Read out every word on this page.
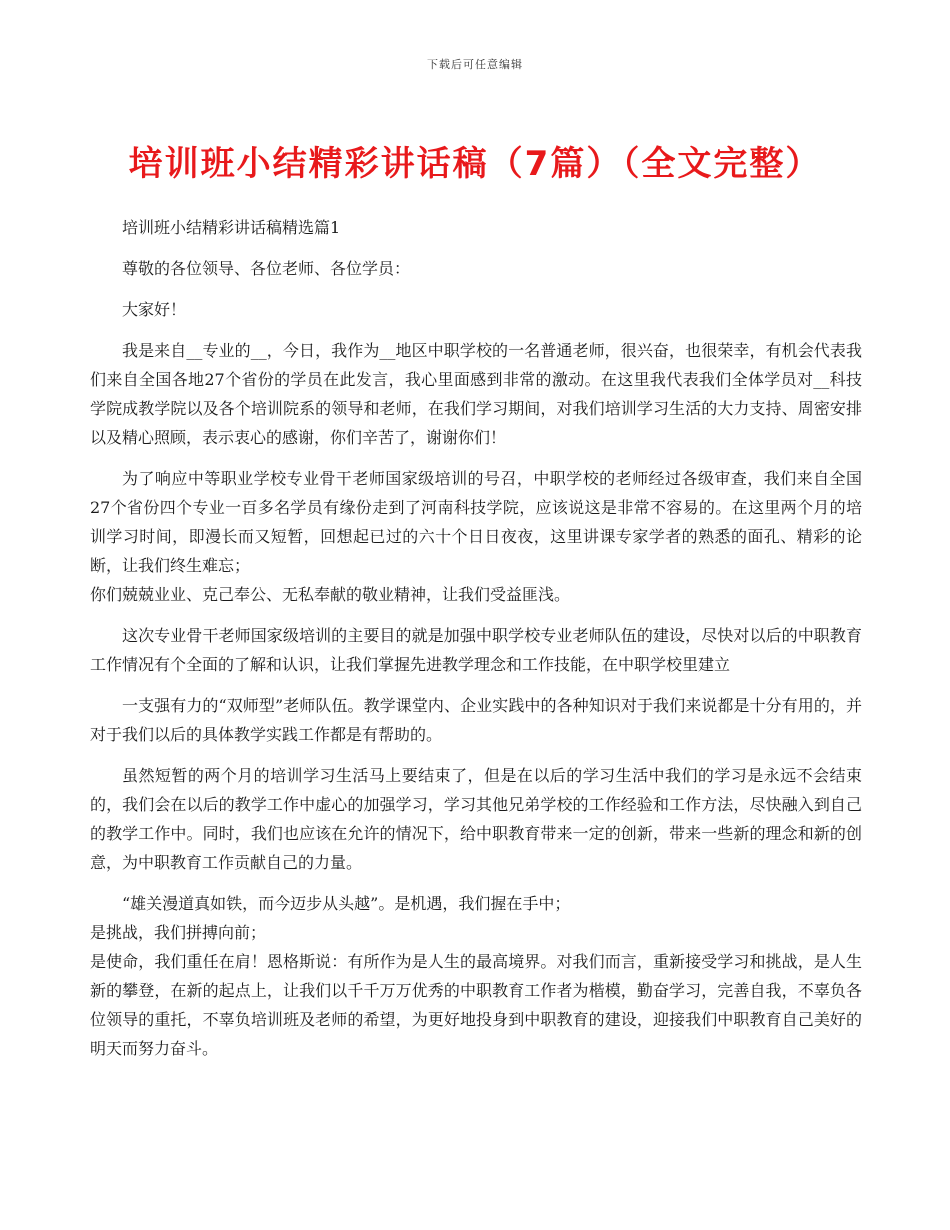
下载后可任意编辑
培训班小结精彩讲话稿（7篇）（全文完整）

培训班小结精彩讲话稿精选篇1

尊敬的各位领导、各位老师、各位学员：

大家好！

我是来自__专业的__，今日，我作为__地区中职学校的一名普通老师，很兴奋，也很荣幸，有机会代表我们来自全国各地27个省份的学员在此发言，我心里面感到非常的激动。在这里我代表我们全体学员对__科技学院成教学院以及各个培训院系的领导和老师，在我们学习期间，对我们培训学习生活的大力支持、周密安排以及精心照顾，表示衷心的感谢，你们辛苦了，谢谢你们！

为了响应中等职业学校专业骨干老师国家级培训的号召，中职学校的老师经过各级审查，我们来自全国27个省份四个专业一百多名学员有缘份走到了河南科技学院，应该说这是非常不容易的。在这里两个月的培训学习时间，即漫长而又短暂，回想起已过的六十个日日夜夜，这里讲课专家学者的熟悉的面孔、精彩的论断，让我们终生难忘；
你们兢兢业业、克己奉公、无私奉献的敬业精神，让我们受益匪浅。

这次专业骨干老师国家级培训的主要目的就是加强中职学校专业老师队伍的建设，尽快对以后的中职教育工作情况有个全面的了解和认识，让我们掌握先进教学理念和工作技能，在中职学校里建立

一支强有力的“双师型”老师队伍。教学课堂内、企业实践中的各种知识对于我们来说都是十分有用的，并对于我们以后的具体教学实践工作都是有帮助的。

虽然短暂的两个月的培训学习生活马上要结束了，但是在以后的学习生活中我们的学习是永远不会结束的，我们会在以后的教学工作中虚心的加强学习，学习其他兄弟学校的工作经验和工作方法，尽快融入到自己的教学工作中。同时，我们也应该在允许的情况下，给中职教育带来一定的创新，带来一些新的理念和新的创意，为中职教育工作贡献自己的力量。

“雄关漫道真如铁，而今迈步从头越”。是机遇，我们握在手中；
是挑战，我们拼搏向前；
是使命，我们重任在肩！恩格斯说：有所作为是人生的最高境界。对我们而言，重新接受学习和挑战，是人生新的攀登，在新的起点上，让我们以千千万万优秀的中职教育工作者为楷模，勤奋学习，完善自我，不辜负各位领导的重托，不辜负培训班及老师的希望，为更好地投身到中职教育的建设，迎接我们中职教育自己美好的明天而努力奋斗。
